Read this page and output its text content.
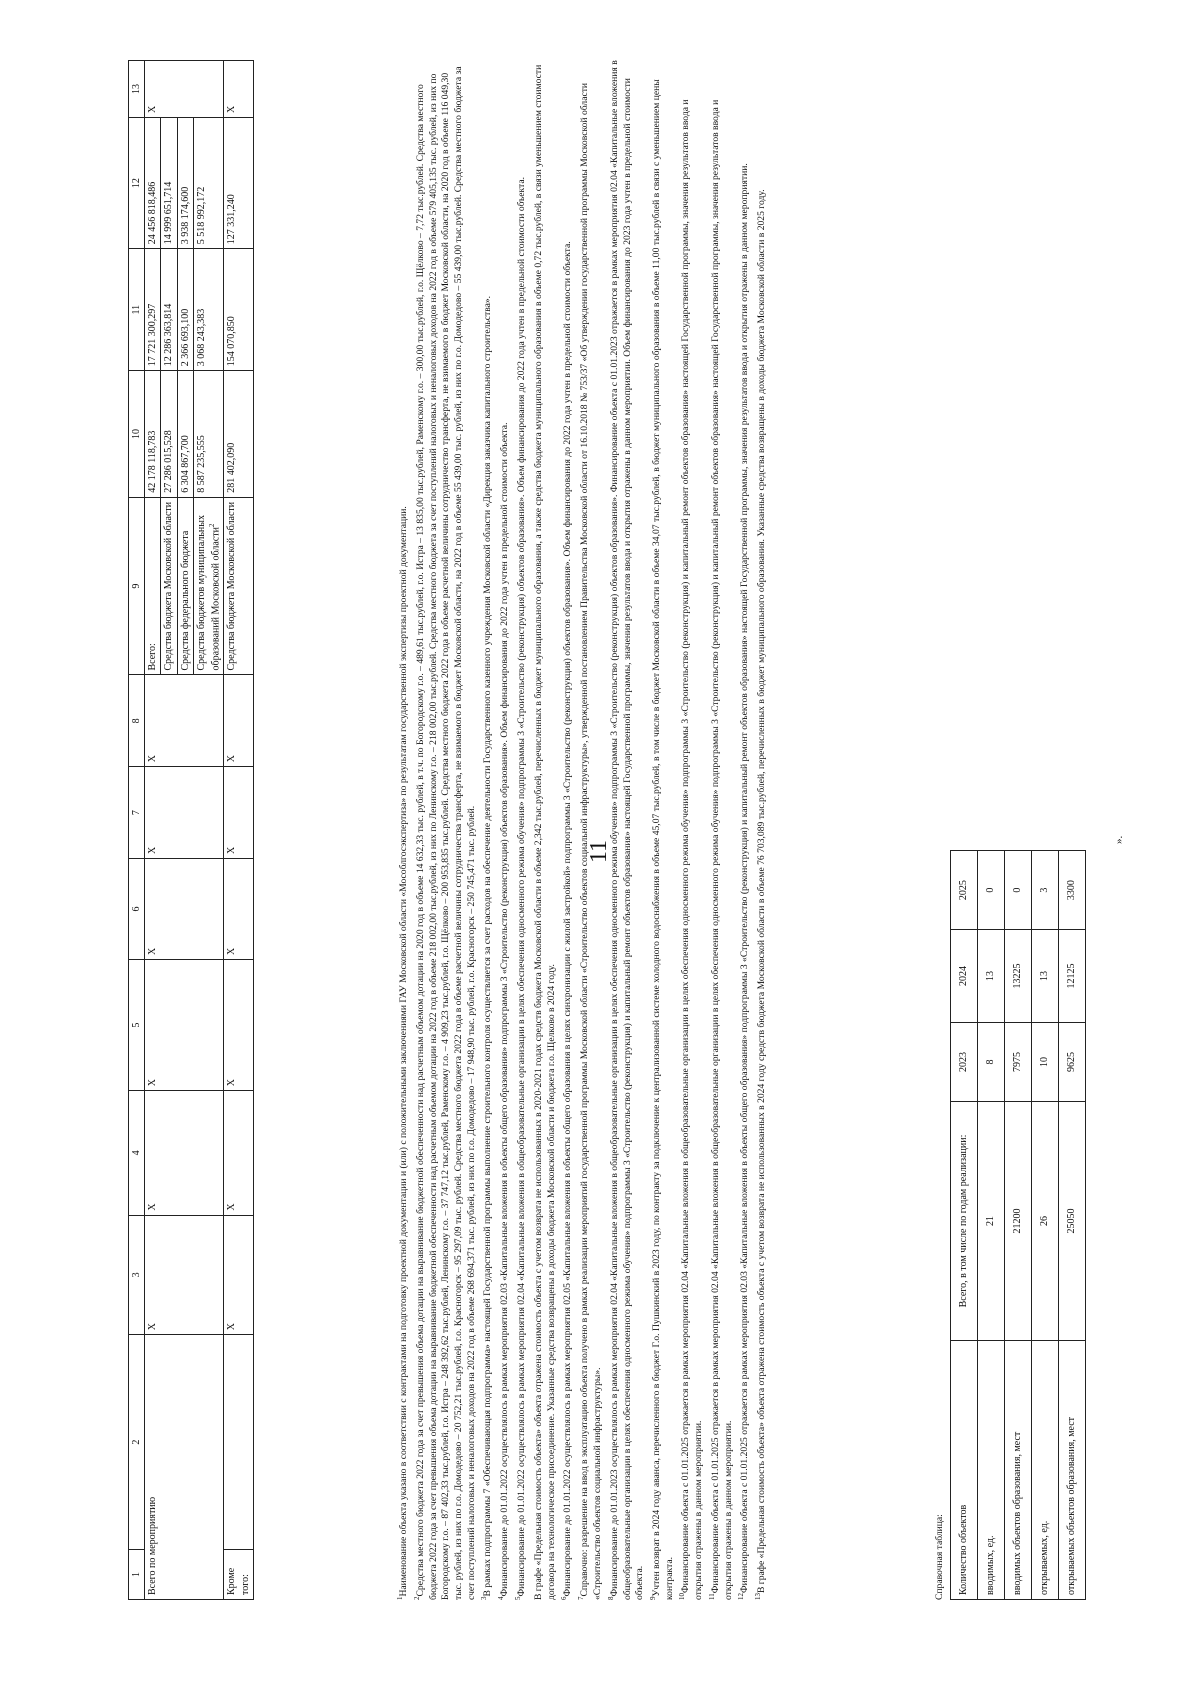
11
1	2	3	4	5	6	7	8	9	10	11	12	13
Всего по мероприятию		X	X	X	X	X	X	Всего:	42 178 118,783	17 721 300,297	24 456 818,486	X
								Средства бюджета Московской области	27 286 015,528	12 286 363,814	14 999 651,714	
								Средства федерального бюджета	6 304 867,700	2 366 693,100	3 938 174,600	
								Средства бюджетов муниципальных образований Московской области$^2$	8 587 235,555	3 068 243,383	5 518 992,172	
Кроме того:		X	X	X	X	X	X	Средства бюджета Московской области	281 402,090	154 070,850	127 331,240	X

$^1$Наименование объекта указано в соответствии с контрактами на подготовку проектной документации и (или) с положительными заключениями ГАУ Московской области «Мособлгосэкспертиза» по результатам государственной экспертизы проектной документации.

$^2$Средства местного бюджета 2022 года за счет превышения объема дотации на выравнивание бюджетной обеспеченности над расчетным объемом дотации на 2020 год в объеме 14 632,33 тыс. рублей, в т.ч. по Богородскому г.о. – 489,61 тыс.рублей, г.о. Истра – 13 835,00 тыс.рублей, Раменскому г.о. – 300,00 тыс.рублей, г.о. Щёлково – 7,72 тыс.рублей. Средства местного бюджета 2022 года за счет превышения объема дотации на выравнивание бюджетной обеспеченности над расчетным объемом дотации на 2022 год в объеме 218 002,00 тыс.рублей, из них по Ленинскому г.о. – 218 002,00 тыс.рублей. Средства местного бюджета за счет поступлений налоговых и неналоговых доходов на 2022 год в объеме 579 405,135 тыс. рублей, из них по Богородскому г.о. – 87 402,33 тыс.рублей, г.о. Истра – 248 392,62 тыс.рублей, Ленинскому г.о. – 37 747,12 тыс.рублей, Раменскому г.о. – 4 909,23 тыс.рублей, г.о. Щёлково – 200 953,835 тыс.рублей. Средства местного бюджета 2022 года в объеме расчетной величины сотрудничество трансферта, не взимаемого в бюджет Московской области, на 2020 год в объеме 116 049,30 тыс. рублей, из них по г.о. Домодедово – 20 752,21 тыс.рублей, г.о. Красногорск – 95 297,09 тыс. рублей. Средства местного бюджета 2022 года в объеме расчетной величины сотрудничества трансферта, не взимаемого в бюджет Московской области, на 2022 год в объеме 55 439,00 тыс. рублей, из них по г.о. Домодедово – 55 439,00 тыс.рублей. Средства местного бюджета за счет поступлений налоговых и неналоговых доходов на 2022 год в объеме 268 694,371 тыс. рублей, из них по г.о. Домодедово – 17 948,90 тыс. рублей, г.о. Красногорск – 250 745,471 тыс. рублей. $^3$В рамках подпрограммы 7 «Обеспечивающая подпрограмма» настоящей Государственной программы выполнение строительного контроля осуществляется за счет расходов на обеспечение деятельности Государственного казенного учреждения Московской области «Дирекция заказчика капитального строительства».

$^4$Финансирование до 01.01.2022 осуществлялось в рамках мероприятия 02.03 «Капитальные вложения в объекты общего образования» подпрограммы 3 «Строительство (реконструкция) объектов образования». Объем финансирования до 2022 года учтен в предельной стоимости объекта.

$^5$Финансирование до 01.01.2022 осуществлялось в рамках мероприятия 02.04 «Капитальные вложения в общеобразовательные организации в целях обеспечения односменного режима обучения» подпрограммы 3 «Строительство (реконструкция) объектов образования». Объем финансирования до 2022 года учтен в предельной стоимости объекта. В графе «Предельная стоимость объекта» объекта отражена стоимость объекта с учетом возврата не использованных в 2020-2021 годах средств бюджета Московской области в объеме 2,342 тыс.рублей, перечисленных в бюджет муниципального образования, а также средства бюджета муниципального образования в объеме 0,72 тыс.рублей, в связи уменьшением стоимости договора на технологическое присоединение. Указанные средства возвращены в доходы бюджета Московской области и бюджета г.о. Щелково в 2024 году. $^6$Финансирование до 01.01.2022 осуществлялось в рамках мероприятия 02.05 «Капитальные вложения в объекты общего образования в целях синхронизации с жилой застройкой» подпрограммы 3 «Строительство (реконструкция) объектов образования». Объем финансирования до 2022 года учтен в предельной стоимости объекта.

$^7$Справочно: разрешение на ввод в эксплуатацию объекта получено в рамках реализации мероприятий государственной программы Московской области «Строительство объектов социальной инфраструктуры», утвержденной постановлением Правительства Московской области от 16.10.2018 № 753/37 «Об утверждении государственной программы Московской области «Строительство объектов социальной инфраструктуры». $^8$Финансирование до 01.01.2023 осуществлялось в рамках мероприятия 02.04 «Капитальные вложения в общеобразовательные организации в целях обеспечения односменного режима обучения» подпрограммы 3 «Строительство (реконструкция) объектов образования». Финансирование объекта с 01.01.2023 отражается в рамках мероприятия 02.04 «Капитальные вложения в общеобразовательные организации в целях обеспечения односменного режима обучения» подпрограммы 3 «Строительство (реконструкция) и капитальный ремонт объектов образования» настоящей Государственной программы, значения результатов ввода и открытия отражены в данном мероприятии. Объем финансирования до 2023 года учтен в предельной стоимости объекта. $^9$Учтен возврат в 2024 году аванса, перечисленного в бюджет Г.о. Пушкинский в 2023 году, по контракту за подключение к централизованной системе холодного водоснабжения в объеме 45,07 тыс.рублей, в том числе в бюджет Московской области в объеме 34,07 тыс.рублей, в бюджет муниципального образования в объеме 11,00 тыс.рублей в связи с уменьшением цены контракта. $^{10}$Финансирование объекта с 01.01.2025 отражается в рамках мероприятия 02.04 «Капитальные вложения в общеобразовательные организации в целях обеспечения односменного режима обучения» подпрограммы 3 «Строительство (реконструкция) и капитальный ремонт объектов образования» настоящей Государственной программы, значения результатов ввода и открытия отражены в данном мероприятии. $^{11}$Финансирование объекта с 01.01.2025 отражается в рамках мероприятия 02.04 «Капитальные вложения в общеобразовательные организации в целях обеспечения односменного режима обучения» подпрограммы 3 «Строительство (реконструкция) и капитальный ремонт объектов образования» настоящей Государственной программы, значения результатов ввода и открытия отражены в данном мероприятии. $^{12}$Финансирование объекта с 01.01.2025 отражается в рамках мероприятия 02.03 «Капитальные вложения в объекты общего образования» подпрограммы 3 «Строительство (реконструкция) и капитальный ремонт объектов образования» настоящей Государственной программы, значения результатов ввода и открытия отражены в данном мероприятии.

$^{13}$В графе «Предельная стоимость объекта» объекта отражена стоимость объекта с учетом возврата не использованных в 2024 году средств бюджета Московской области в объеме 76 703,089 тыс.рублей, перечисленных в бюджет муниципального образования. Указанные средства возвращены в доходы бюджета Московской области в 2025 году.	Справочная таблица: Количество объектов	Всего, в том числе по годам реализации:	2023	2024	2025
вводимых, ед.	21	8	13	0
вводимых объектов образования, мест	21200	7975	13225	0
открываемых, ед.	26	10	13	3
открываемых объектов образования, мест	25050	9625	12125	3300
».
